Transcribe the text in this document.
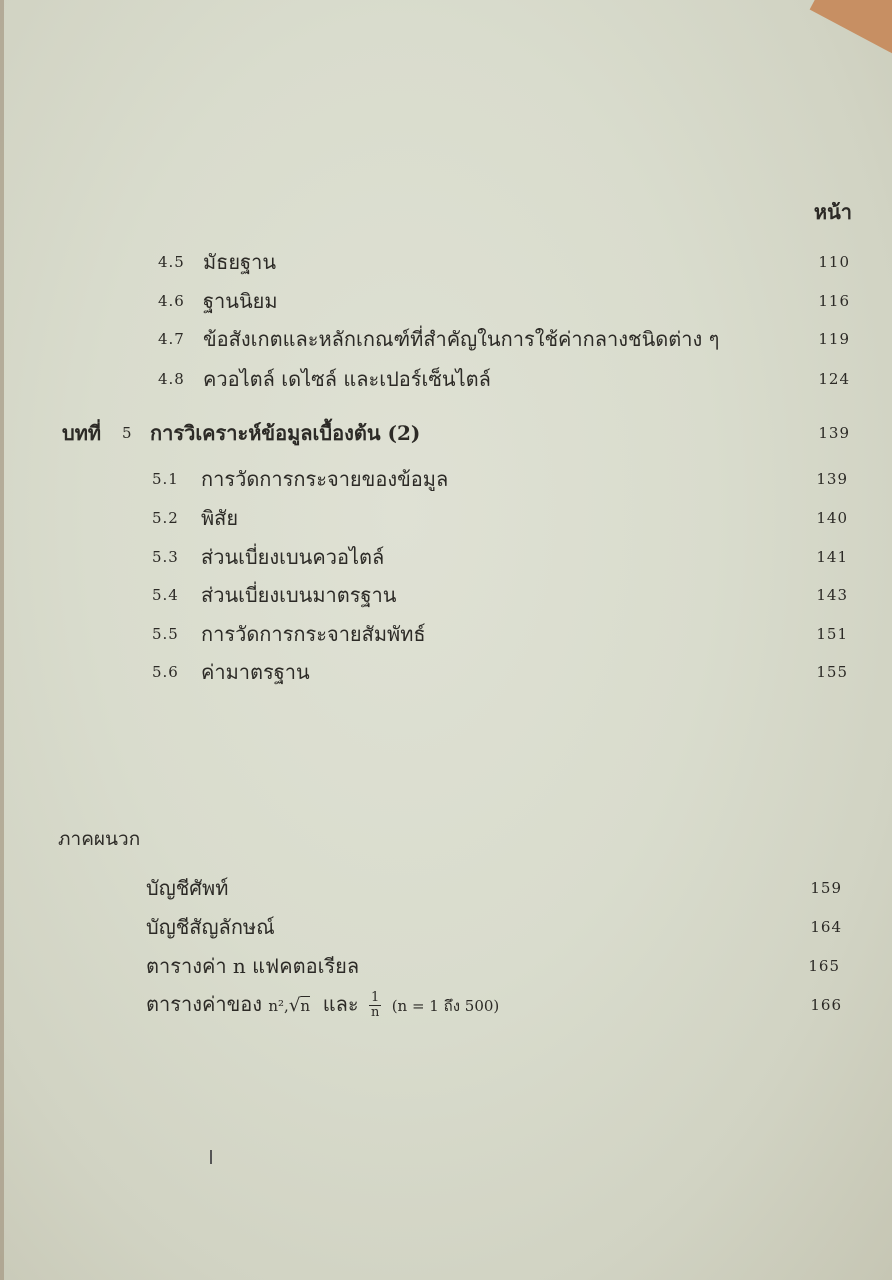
หน้า
4.5 มัธยฐาน	110
4.6 ฐานนิยม	116
4.7 ข้อสังเกตและหลักเกณฑ์ที่สำคัญในการใช้ค่ากลางชนิดต่าง ๆ	119
4.8 ควอไตล์ เดไซล์ และเปอร์เซ็นไตล์	124
บทที่ 5 การวิเคราะห์ข้อมูลเบื้องต้น (2)	139
5.1 การวัดการกระจายของข้อมูล	139
5.2 พิสัย	140
5.3 ส่วนเบี่ยงเบนควอไตล์	141
5.4 ส่วนเบี่ยงเบนมาตรฐาน	143
5.5 การวัดการกระจายสัมพัทธ์	151
5.6 ค่ามาตรฐาน	155
ภาคผนวก
บัญชีศัพท์	159
บัญชีสัญลักษณ์	164
ตารางค่า n แฟคตอเรียล	165
ตารางค่าของ n²,√n และ $\frac{1}{n} (n = 1$ ถึง 500)	166
